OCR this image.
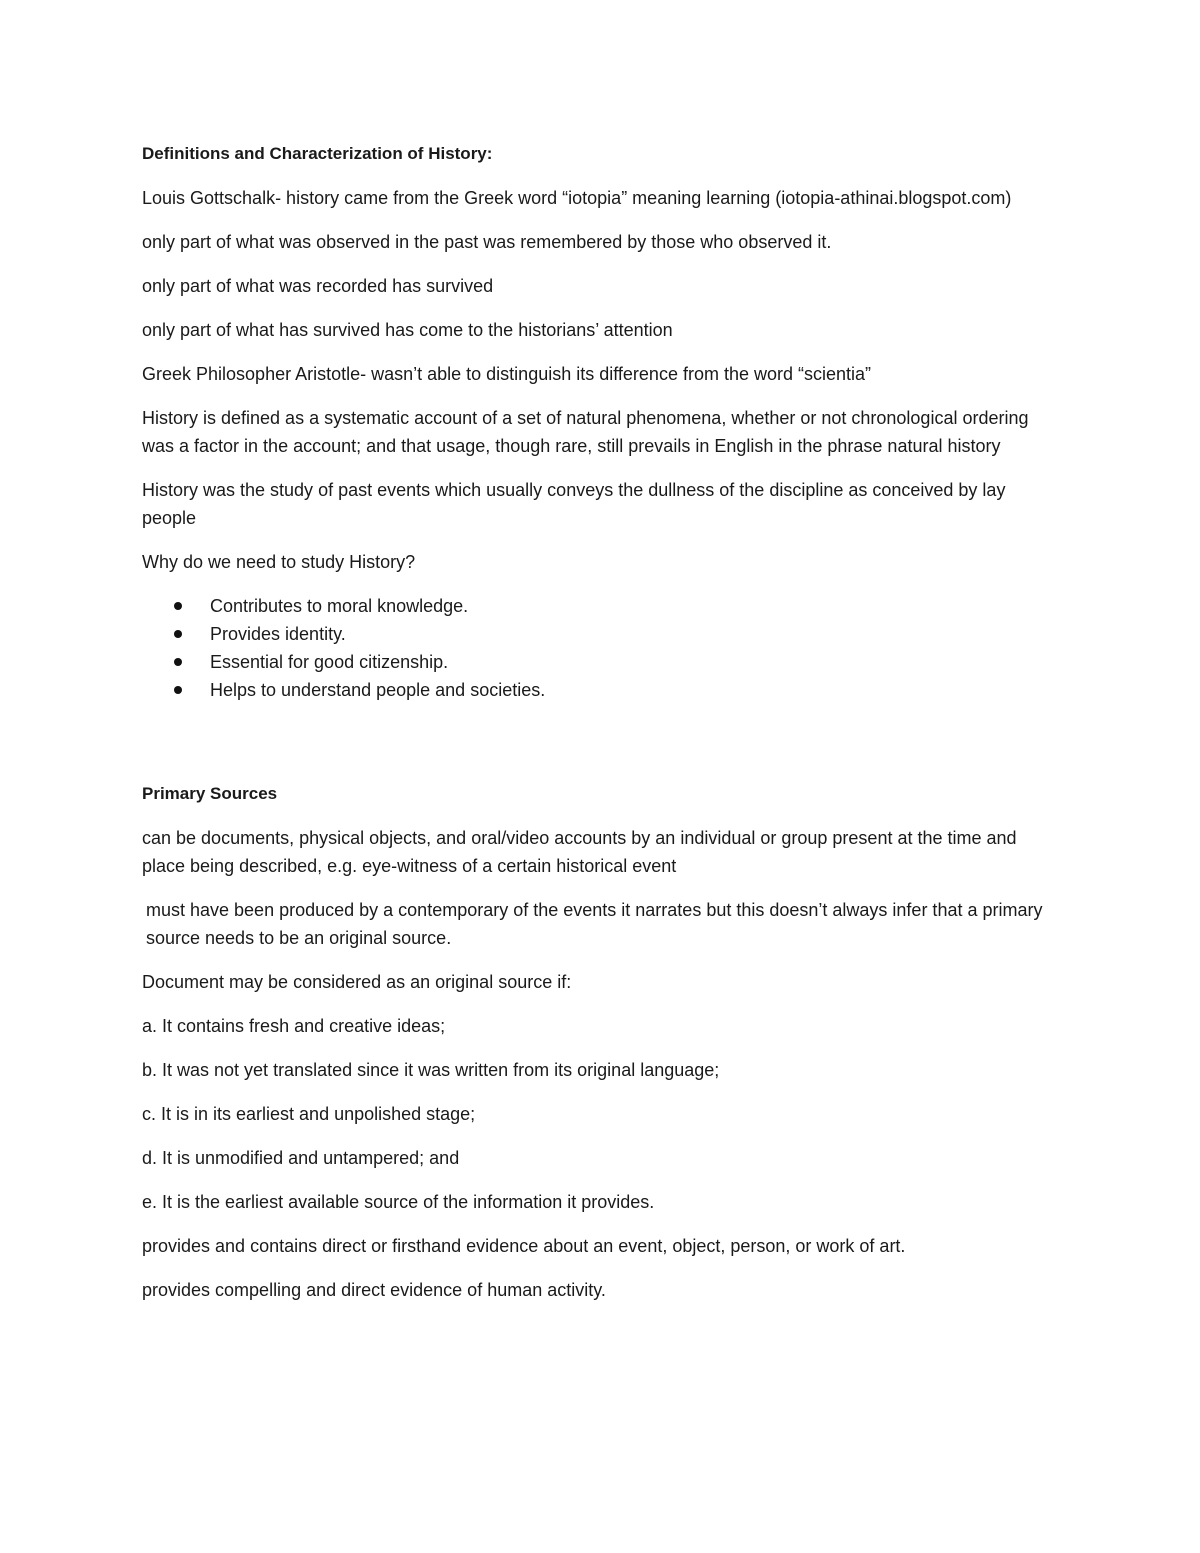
Definitions and Characterization of History:

Louis Gottschalk- history came from the Greek word “iotopia” meaning learning (iotopia-athinai.blogspot.com)

only part of what was observed in the past was remembered by those who observed it.

only part of what was recorded has survived

only part of what has survived has come to the historians’ attention

Greek Philosopher Aristotle- wasn’t able to distinguish its difference from the word “scientia”

History is defined as a systematic account of a set of natural phenomena, whether or not chronological ordering was a factor in the account; and that usage, though rare, still prevails in English in the phrase natural history

History was the study of past events which usually conveys the dullness of the discipline as conceived by lay people

Why do we need to study History?

Contributes to moral knowledge.
Provides identity.
Essential for good citizenship.
Helps to understand people and societies.
Primary Sources

can be documents, physical objects, and oral/video accounts by an individual or group present at the time and place being described, e.g. eye-witness of a certain historical event

must have been produced by a contemporary of the events it narrates but this doesn’t always infer that a primary source needs to be an original source.

Document may be considered as an original source if:

a. It contains fresh and creative ideas;

b. It was not yet translated since it was written from its original language;

c. It is in its earliest and unpolished stage;

d. It is unmodified and untampered; and

e. It is the earliest available source of the information it provides.

provides and contains direct or firsthand evidence about an event, object, person, or work of art.

provides compelling and direct evidence of human activity.
